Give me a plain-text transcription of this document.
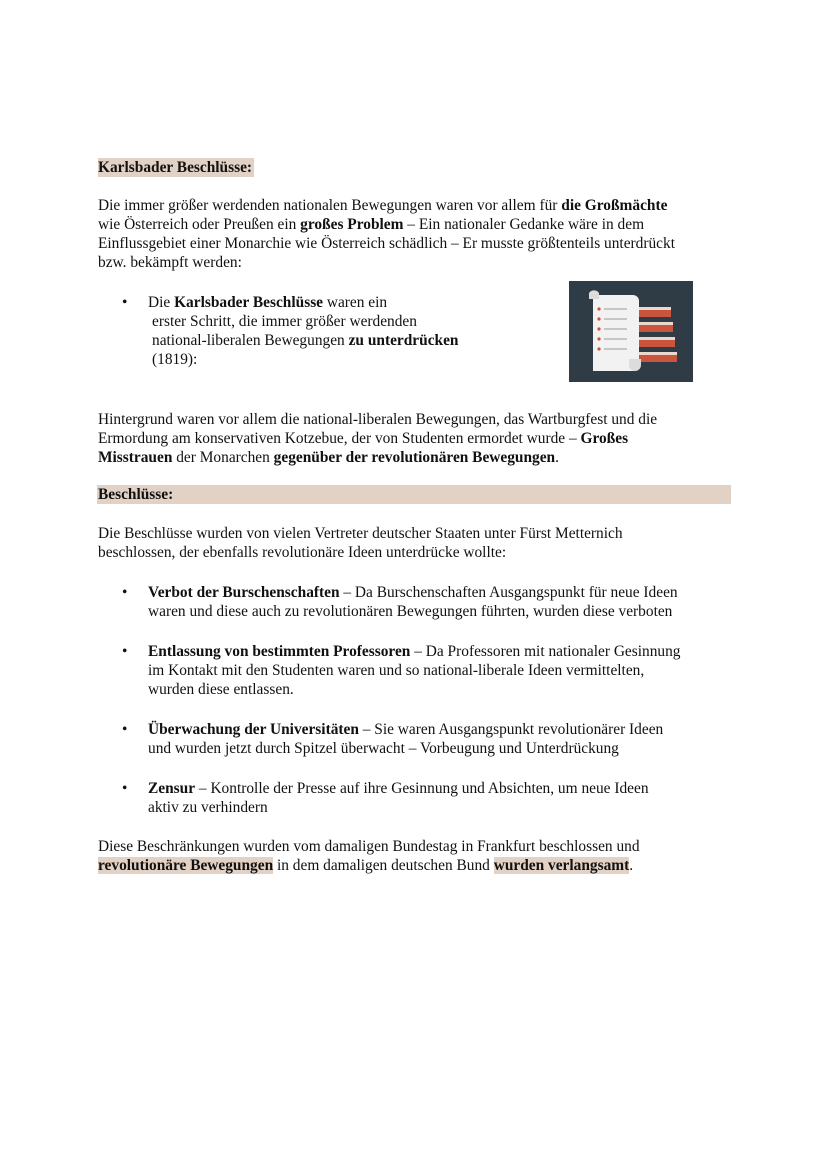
Karlsbader Beschlüsse:

Die immer größer werdenden nationalen Bewegungen waren vor allem für die Großmächte
wie Österreich oder Preußen ein großes Problem – Ein nationaler Gedanke wäre in dem
Einflussgebiet einer Monarchie wie Österreich schädlich – Er musste größtenteils unterdrückt
bzw. bekämpft werden:

• Die Karlsbader Beschlüsse waren ein
erster Schritt, die immer größer werdenden
national-liberalen Bewegungen zu unterdrücken
(1819):

Hintergrund waren vor allem die national-liberalen Bewegungen, das Wartburgfest und die
Ermordung am konservativen Kotzebue, der von Studenten ermordet wurde – Großes
Misstrauen der Monarchen gegenüber der revolutionären Bewegungen.

Beschlüsse:

Die Beschlüsse wurden von vielen Vertreter deutscher Staaten unter Fürst Metternich
beschlossen, der ebenfalls revolutionäre Ideen unterdrücke wollte:

• Verbot der Burschenschaften – Da Burschenschaften Ausgangspunkt für neue Ideen
waren und diese auch zu revolutionären Bewegungen führten, wurden diese verboten
• Entlassung von bestimmten Professoren – Da Professoren mit nationaler Gesinnung
im Kontakt mit den Studenten waren und so national-liberale Ideen vermittelten,
wurden diese entlassen.
• Überwachung der Universitäten – Sie waren Ausgangspunkt revolutionärer Ideen
und wurden jetzt durch Spitzel überwacht – Vorbeugung und Unterdrückung
• Zensur – Kontrolle der Presse auf ihre Gesinnung und Absichten, um neue Ideen
aktiv zu verhindern

Diese Beschränkungen wurden vom damaligen Bundestag in Frankfurt beschlossen und
revolutionäre Bewegungen in dem damaligen deutschen Bund wurden verlangsamt.
